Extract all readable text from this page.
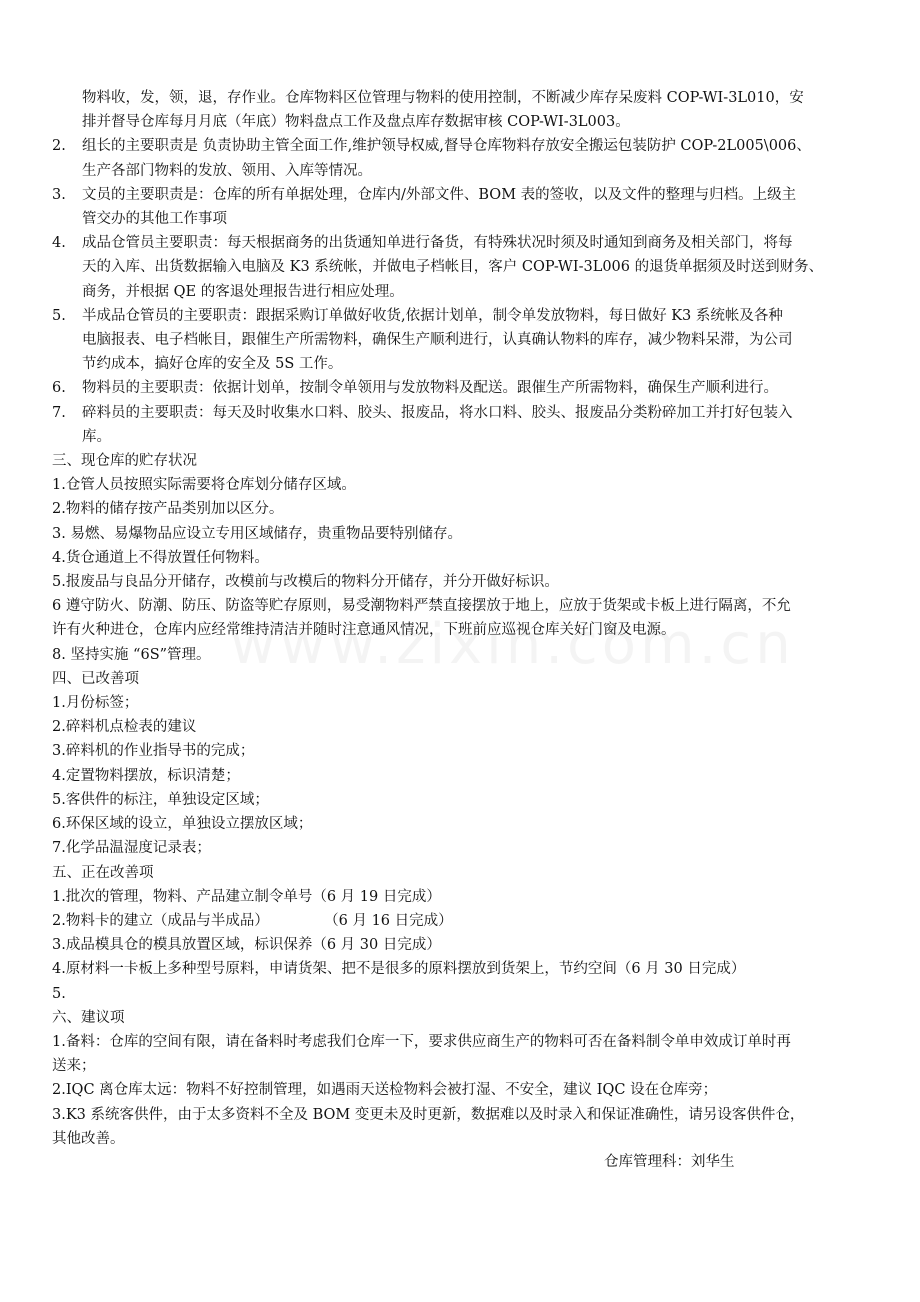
物料收，发，领，退，存作业。仓库物料区位管理与物料的使用控制，不断减少库存呆废料 COP-WI-3L010，安
排并督导仓库每月月底（年底）物料盘点工作及盘点库存数据审核 COP-WI-3L003。
2.	组长的主要职责是 负责协助主管全面工作,维护领导权威,督导仓库物料存放安全搬运包装防护 COP-2L005\006、
生产各部门物料的发放、领用、入库等情况。
3.	文员的主要职责是：仓库的所有单据处理，仓库内/外部文件、BOM 表的签收，以及文件的整理与归档。上级主
管交办的其他工作事项
4.	成品仓管员主要职责：每天根据商务的出货通知单进行备货，有特殊状况时须及时通知到商务及相关部门，将每
天的入库、出货数据输入电脑及 K3 系统帐，并做电子档帐目，客户 COP-WI-3L006 的退货单据须及时送到财务、
商务，并根据 QE 的客退处理报告进行相应处理。
5.	半成品仓管员的主要职责：跟据采购订单做好收货,依据计划单，制令单发放物料，每日做好 K3 系统帐及各种
电脑报表、电子档帐目，跟催生产所需物料，确保生产顺利进行，认真确认物料的库存，减少物料呆滞，为公司
节约成本，搞好仓库的安全及 5S 工作。
6.	物料员的主要职责：依据计划单，按制令单领用与发放物料及配送。跟催生产所需物料，确保生产顺利进行。
7.	碎料员的主要职责：每天及时收集水口料、胶头、报废品，将水口料、胶头、报废品分类粉碎加工并打好包装入
库。
三、现仓库的贮存状况
1.仓管人员按照实际需要将仓库划分储存区域。
2.物料的储存按产品类别加以区分。
3. 易燃、易爆物品应设立专用区域储存，贵重物品要特别储存。
4.货仓通道上不得放置任何物料。
5.报废品与良品分开储存，改模前与改模后的物料分开储存，并分开做好标识。
6 遵守防火、防潮、防压、防盗等贮存原则，易受潮物料严禁直接摆放于地上，应放于货架或卡板上进行隔离，不允
许有火种进仓，仓库内应经常维持清洁并随时注意通风情况，下班前应巡视仓库关好门窗及电源。
8. 坚持实施 “6S”管理。
四、已改善项
1.月份标签；
2.碎料机点检表的建议
3.碎料机的作业指导书的完成；
4.定置物料摆放，标识清楚；
5.客供件的标注，单独设定区域；
6.环保区域的设立，单独设立摆放区域；
7.化学品温湿度记录表；
五、正在改善项
1.批次的管理，物料、产品建立制令单号（6 月 19 日完成）
2.物料卡的建立（成品与半成品）            （6 月 16 日完成）
3.成品模具仓的模具放置区域，标识保养（6 月 30 日完成）
4.原材料一卡板上多种型号原料，申请货架、把不是很多的原料摆放到货架上，节约空间（6 月 30 日完成）
5.
六、建议项
1.备料：仓库的空间有限，请在备料时考虑我们仓库一下，要求供应商生产的物料可否在备料制令单申效成订单时再
送来；
2.IQC 离仓库太远：物料不好控制管理，如遇雨天送检物料会被打湿、不安全，建议 IQC 设在仓库旁；
3.K3 系统客供件，由于太多资料不全及 BOM 变更未及时更新，数据难以及时录入和保证准确性，请另设客供件仓，
其他改善。
仓库管理科：刘华生
